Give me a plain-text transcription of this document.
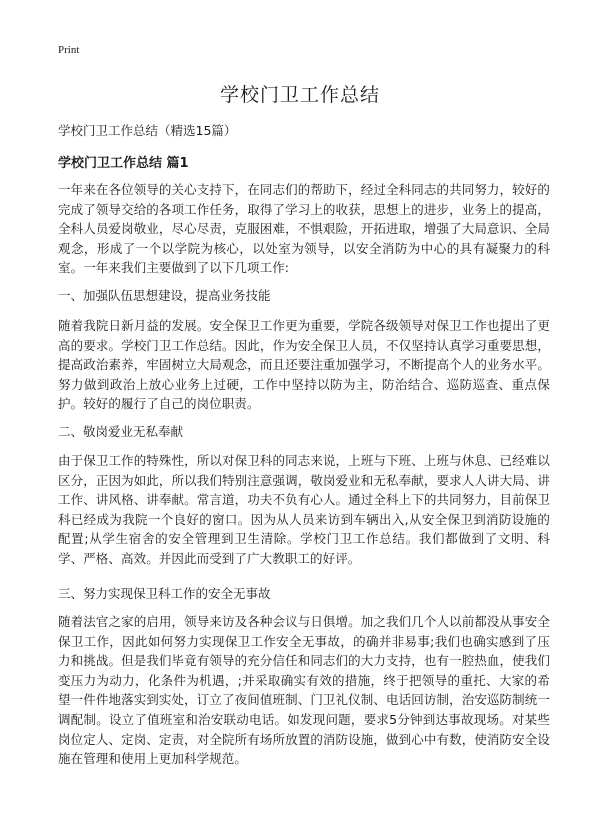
Print
学校门卫工作总结
学校门卫工作总结（精选15篇）
学校门卫工作总结 篇1
一年来在各位领导的关心支持下，在同志们的帮助下，经过全科同志的共同努力，较好的完成了领导交给的各项工作任务，取得了学习上的收获，思想上的进步，业务上的提高，全科人员爱岗敬业，尽心尽责，克服困难，不惧艰险，开拓进取，增强了大局意识、全局观念，形成了一个以学院为核心，以处室为领导，以安全消防为中心的具有凝聚力的科室。一年来我们主要做到了以下几项工作:
一、加强队伍思想建设，提高业务技能
随着我院日新月益的发展。安全保卫工作更为重要，学院各级领导对保卫工作也提出了更高的要求。学校门卫工作总结。因此，作为安全保卫人员，不仅坚持认真学习重要思想，提高政治素养，牢固树立大局观念，而且还要注重加强学习，不断提高个人的业务水平。努力做到政治上放心业务上过硬，工作中坚持以防为主，防治结合、巡防巡查、重点保护。较好的履行了自己的岗位职责。
二、敬岗爱业无私奉献
由于保卫工作的特殊性，所以对保卫科的同志来说，上班与下班、上班与休息、已经难以区分，正因为如此，所以我们特别注意强调，敬岗爱业和无私奉献，要求人人讲大局、讲工作、讲风格、讲奉献。常言道，功夫不负有心人。通过全科上下的共同努力，目前保卫科已经成为我院一个良好的窗口。因为从人员来访到车辆出入,从安全保卫到消防设施的配置;从学生宿舍的安全管理到卫生清除。学校门卫工作总结。我们都做到了文明、科学、严格、高效。并因此而受到了广大教职工的好评。
三、努力实现保卫科工作的安全无事故
随着法官之家的启用，领导来访及各种会议与日俱增。加之我们几个人以前都没从事安全保卫工作，因此如何努力实现保卫工作安全无事故，的确并非易事;我们也确实感到了压力和挑战。但是我们毕竟有领导的充分信任和同志们的大力支持，也有一腔热血，使我们变压力为动力，化条件为机遇，;并采取确实有效的措施，终于把领导的重托、大家的希望一件件地落实到实处，订立了夜间值班制、门卫礼仪制、电话回访制，治安巡防制统一调配制。设立了值班室和治安联动电话。如发现问题，要求5分钟到达事故现场。对某些岗位定人、定岗、定责，对全院所有场所放置的消防设施，做到心中有数，使消防安全设施在管理和使用上更加科学规范。
